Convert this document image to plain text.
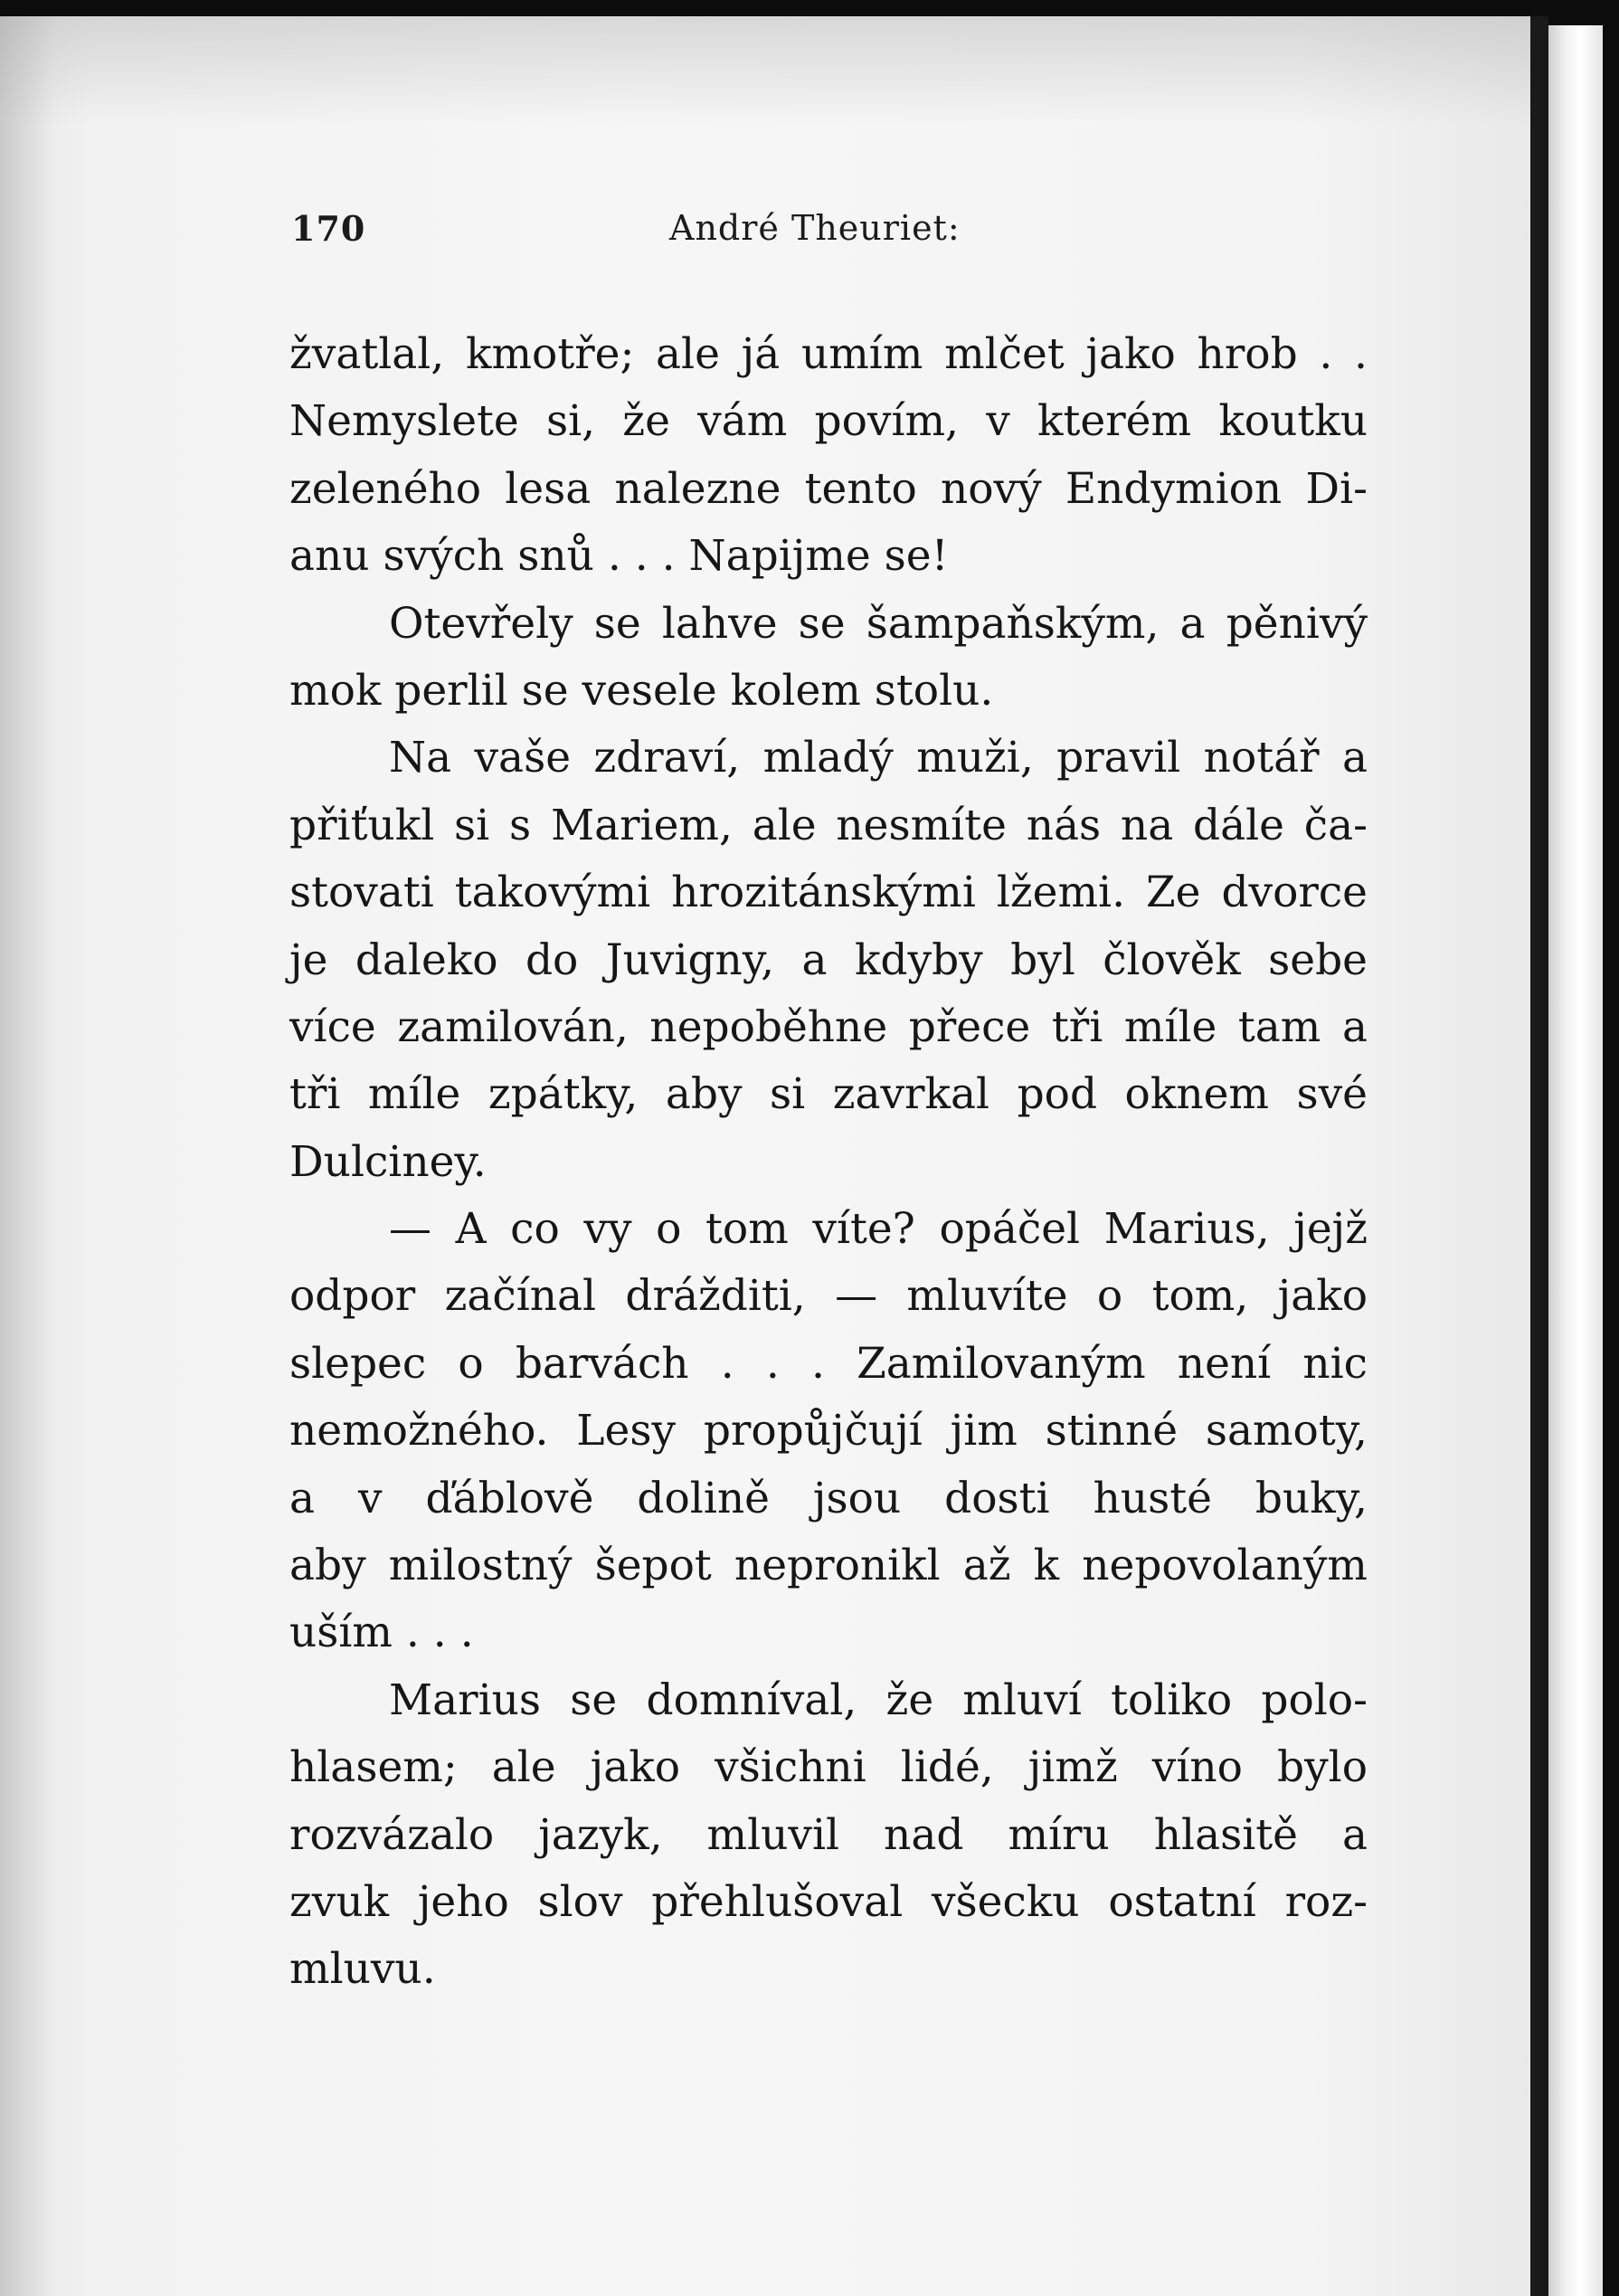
170	André Theuriet:
žvatlal, kmotře; ale já umím mlčet jako hrob . .
Nemyslete si, že vám povím, v kterém koutku
zeleného lesa nalezne tento nový Endymion Di-
anu svých snů . . . Napijme se!
Otevřely se lahve se šampaňským, a pěnivý
mok perlil se vesele kolem stolu.
Na vaše zdraví, mladý muži, pravil notář a
přiťukl si s Mariem, ale nesmíte nás na dále ča-
stovati takovými hrozitánskými lžemi. Ze dvorce
je daleko do Juvigny, a kdyby byl člověk sebe
více zamilován, nepoběhne přece tři míle tam a
tři míle zpátky, aby si zavrkal pod oknem své
Dulciney.
— A co vy o tom víte? opáčel Marius, jejž
odpor začínal drážditi, — mluvíte o tom, jako
slepec o barvách . . . Zamilovaným není nic
nemožného. Lesy propůjčují jim stinné samoty,
a v ďáblově dolině jsou dosti husté buky,
aby milostný šepot nepronikl až k nepovolaným
uším . . .
Marius se domníval, že mluví toliko polo-
hlasem; ale jako všichni lidé, jimž víno bylo
rozvázalo jazyk, mluvil nad míru hlasitě a
zvuk jeho slov přehlušoval všecku ostatní roz-
mluvu.
